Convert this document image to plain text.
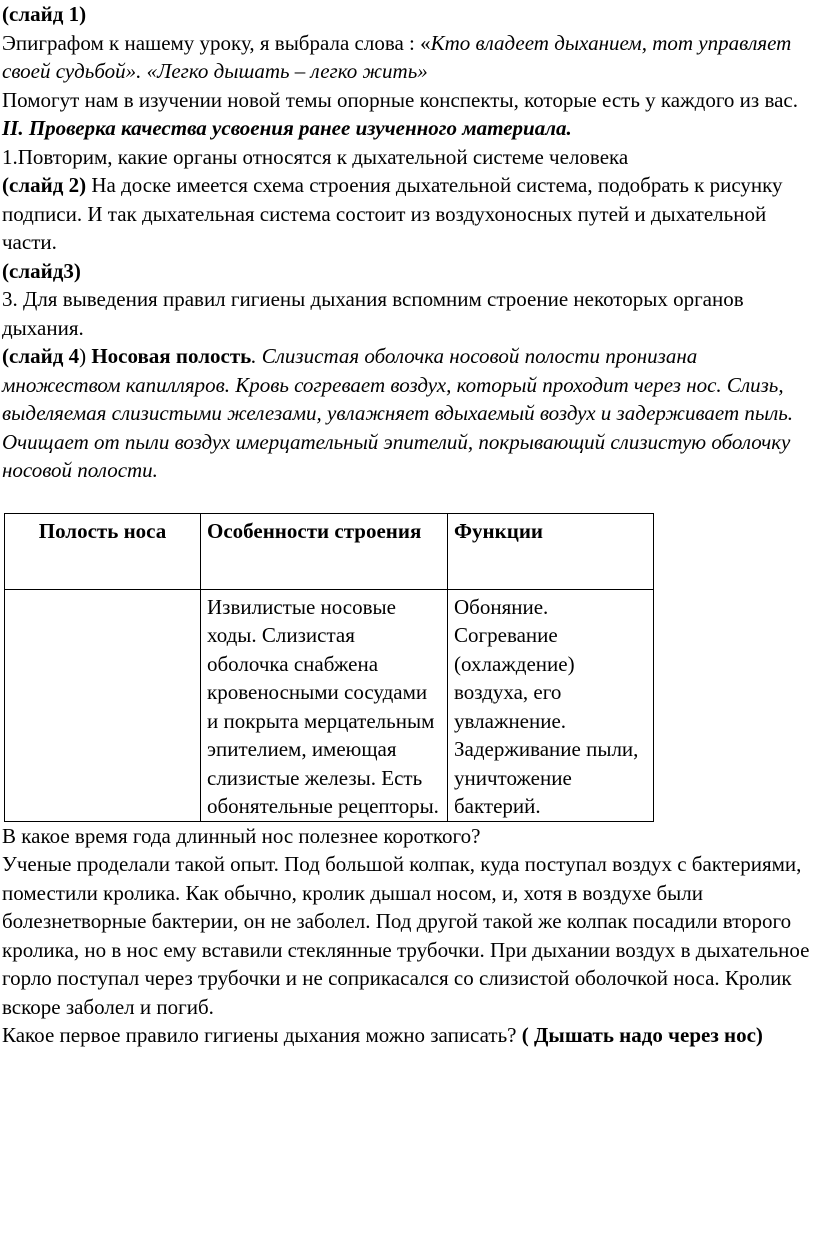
(слайд 1)

Эпиграфом к нашему уроку, я выбрала слова : «Кто владеет дыханием, тот управляет своей судьбой». «Легко дышать – легко жить»

Помогут нам в изучении новой темы опорные конспекты, которые есть у каждого из вас.

II. Проверка качества усвоения ранее изученного материала.

1.Повторим, какие органы относятся к дыхательной системе человека

(слайд 2) На доске имеется схема строения дыхательной система, подобрать к рисунку подписи. И так дыхательная система состоит из воздухоносных путей и дыхательной части.

(слайд3)

3. Для выведения правил гигиены дыхания вспомним строение некоторых органов дыхания.

(слайд 4) Носовая полость. Слизистая оболочка носовой полости пронизана множеством капилляров. Кровь согревает воздух, который проходит через нос. Слизь, выделяемая слизистыми железами, увлажняет вдыхаемый воздух и задерживает пыль. Очищает от пыли воздух имерцательный эпителий, покрывающий слизистую оболочку носовой полости.

Полость носа	Особенности строения	Функции
	Извилистые носовые ходы. Слизистая оболочка снабжена кровеносными сосудами и покрыта мерцательным эпителием, имеющая слизистые железы. Есть обонятельные рецепторы.	Обоняние. Согревание (охлаждение) воздуха, его увлажнение. Задерживание пыли, уничтожение бактерий.

В какое время года длинный нос полезнее короткого?

Ученые проделали такой опыт. Под большой колпак, куда поступал воздух с бактериями, поместили кролика. Как обычно, кролик дышал носом, и, хотя в воздухе были болезнетворные бактерии, он не заболел. Под другой такой же колпак посадили второго кролика, но в нос ему вставили стеклянные трубочки. При дыхании воздух в дыхательное горло поступал через трубочки и не соприкасался со слизистой оболочкой носа. Кролик вскоре заболел и погиб.

Какое первое правило гигиены дыхания можно записать? ( Дышать надо через нос)
